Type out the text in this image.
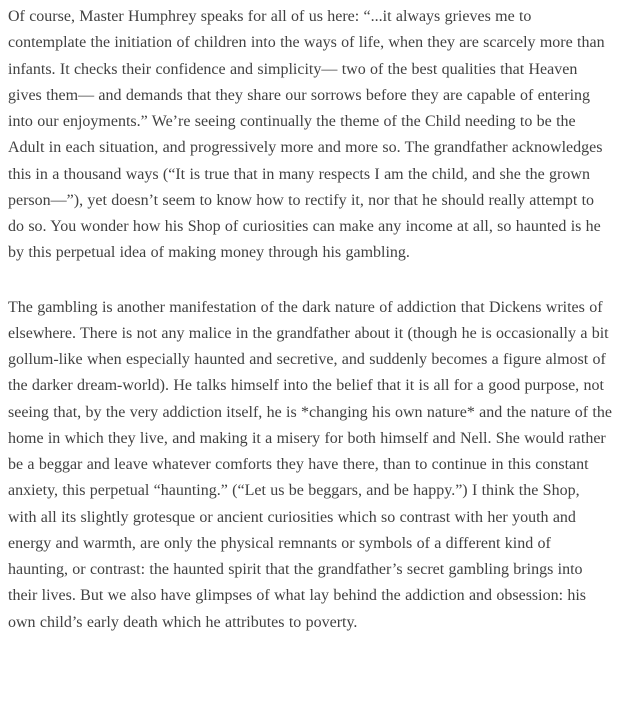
Of course, Master Humphrey speaks for all of us here: “...it always grieves me to contemplate the initiation of children into the ways of life, when they are scarcely more than infants. It checks their confidence and simplicity— two of the best qualities that Heaven gives them— and demands that they share our sorrows before they are capable of entering into our enjoyments.” We’re seeing continually the theme of the Child needing to be the Adult in each situation, and progressively more and more so. The grandfather acknowledges this in a thousand ways (“It is true that in many respects I am the child, and she the grown person—”), yet doesn’t seem to know how to rectify it, nor that he should really attempt to do so. You wonder how his Shop of curiosities can make any income at all, so haunted is he by this perpetual idea of making money through his gambling.

The gambling is another manifestation of the dark nature of addiction that Dickens writes of elsewhere. There is not any malice in the grandfather about it (though he is occasionally a bit gollum-like when especially haunted and secretive, and suddenly becomes a figure almost of the darker dream-world). He talks himself into the belief that it is all for a good purpose, not seeing that, by the very addiction itself, he is *changing his own nature* and the nature of the home in which they live, and making it a misery for both himself and Nell. She would rather be a beggar and leave whatever comforts they have there, than to continue in this constant anxiety, this perpetual “haunting.” (“Let us be beggars, and be happy.”) I think the Shop, with all its slightly grotesque or ancient curiosities which so contrast with her youth and energy and warmth, are only the physical remnants or symbols of a different kind of haunting, or contrast: the haunted spirit that the grandfather’s secret gambling brings into their lives. But we also have glimpses of what lay behind the addiction and obsession: his own child’s early death which he attributes to poverty.
